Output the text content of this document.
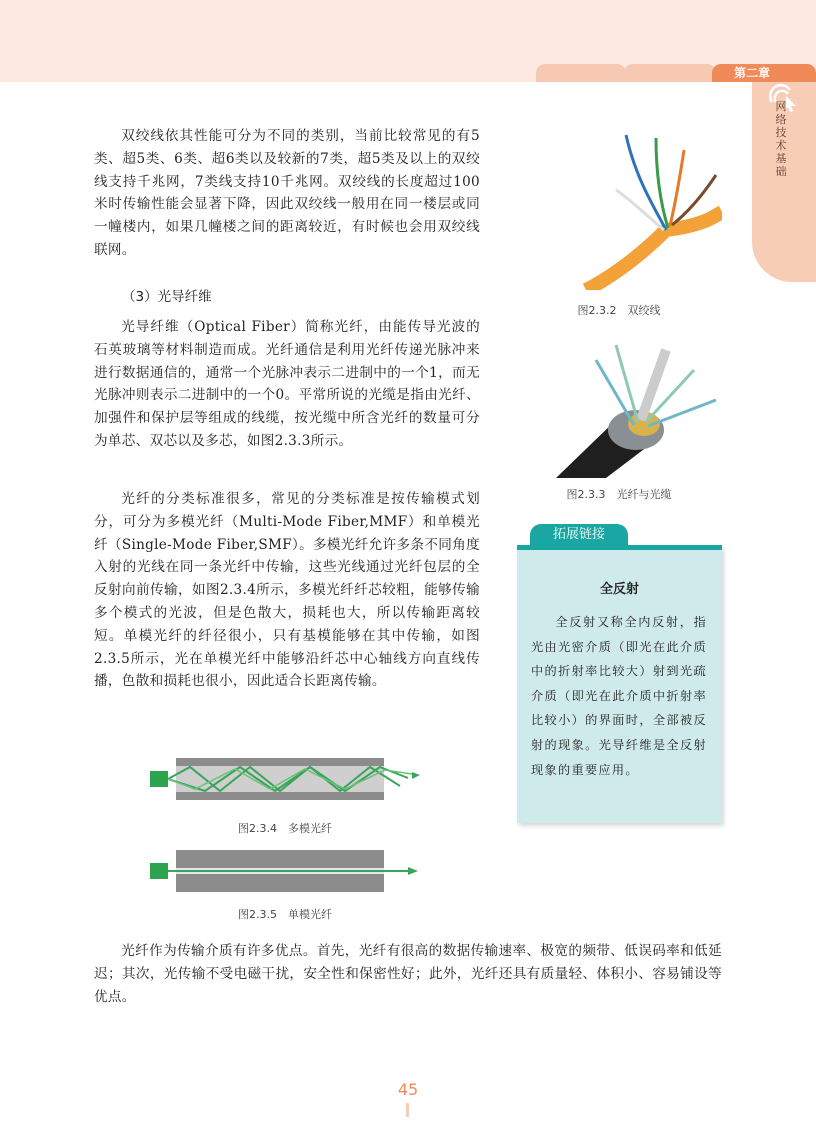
第二章
网络技术基础

双绞线依其性能可分为不同的类别，当前比较常见的有5类、超5类、6类、超6类以及较新的7类，超5类及以上的双绞线支持千兆网，7类线支持10千兆网。双绞线的长度超过100米时传输性能会显著下降，因此双绞线一般用在同一楼层或同一幢楼内，如果几幢楼之间的距离较近，有时候也会用双绞线联网。

（3）光导纤维

光导纤维（Optical Fiber）简称光纤，由能传导光波的石英玻璃等材料制造而成。光纤通信是利用光纤传递光脉冲来进行数据通信的，通常一个光脉冲表示二进制中的一个1，而无光脉冲则表示二进制中的一个0。平常所说的光缆是指由光纤、加强件和保护层等组成的线缆，按光缆中所含光纤的数量可分为单芯、双芯以及多芯，如图2.3.3所示。

光纤的分类标准很多，常见的分类标准是按传输模式划分，可分为多模光纤（Multi-Mode Fiber,MMF）和单模光纤（Single-Mode Fiber,SMF）。多模光纤允许多条不同角度入射的光线在同一条光纤中传输，这些光线通过光纤包层的全反射向前传输，如图2.3.4所示，多模光纤纤芯较粗，能够传输多个模式的光波，但是色散大，损耗也大，所以传输距离较短。单模光纤的纤径很小，只有基模能够在其中传输，如图2.3.5所示，光在单模光纤中能够沿纤芯中心轴线方向直线传播，色散和损耗也很小，因此适合长距离传输。

图2.3.2　双绞线
图2.3.3　光纤与光缆
拓展链接
全反射
全反射又称全内反射，指光由光密介质（即光在此介质中的折射率比较大）射到光疏介质（即光在此介质中折射率比较小）的界面时，全部被反射的现象。光导纤维是全反射现象的重要应用。
图2.3.4　多模光纤
图2.3.5　单模光纤

光纤作为传输介质有许多优点。首先，光纤有很高的数据传输速率、极宽的频带、低误码率和低延迟；其次，光传输不受电磁干扰，安全性和保密性好；此外，光纤还具有质量轻、体积小、容易铺设等优点。

45
